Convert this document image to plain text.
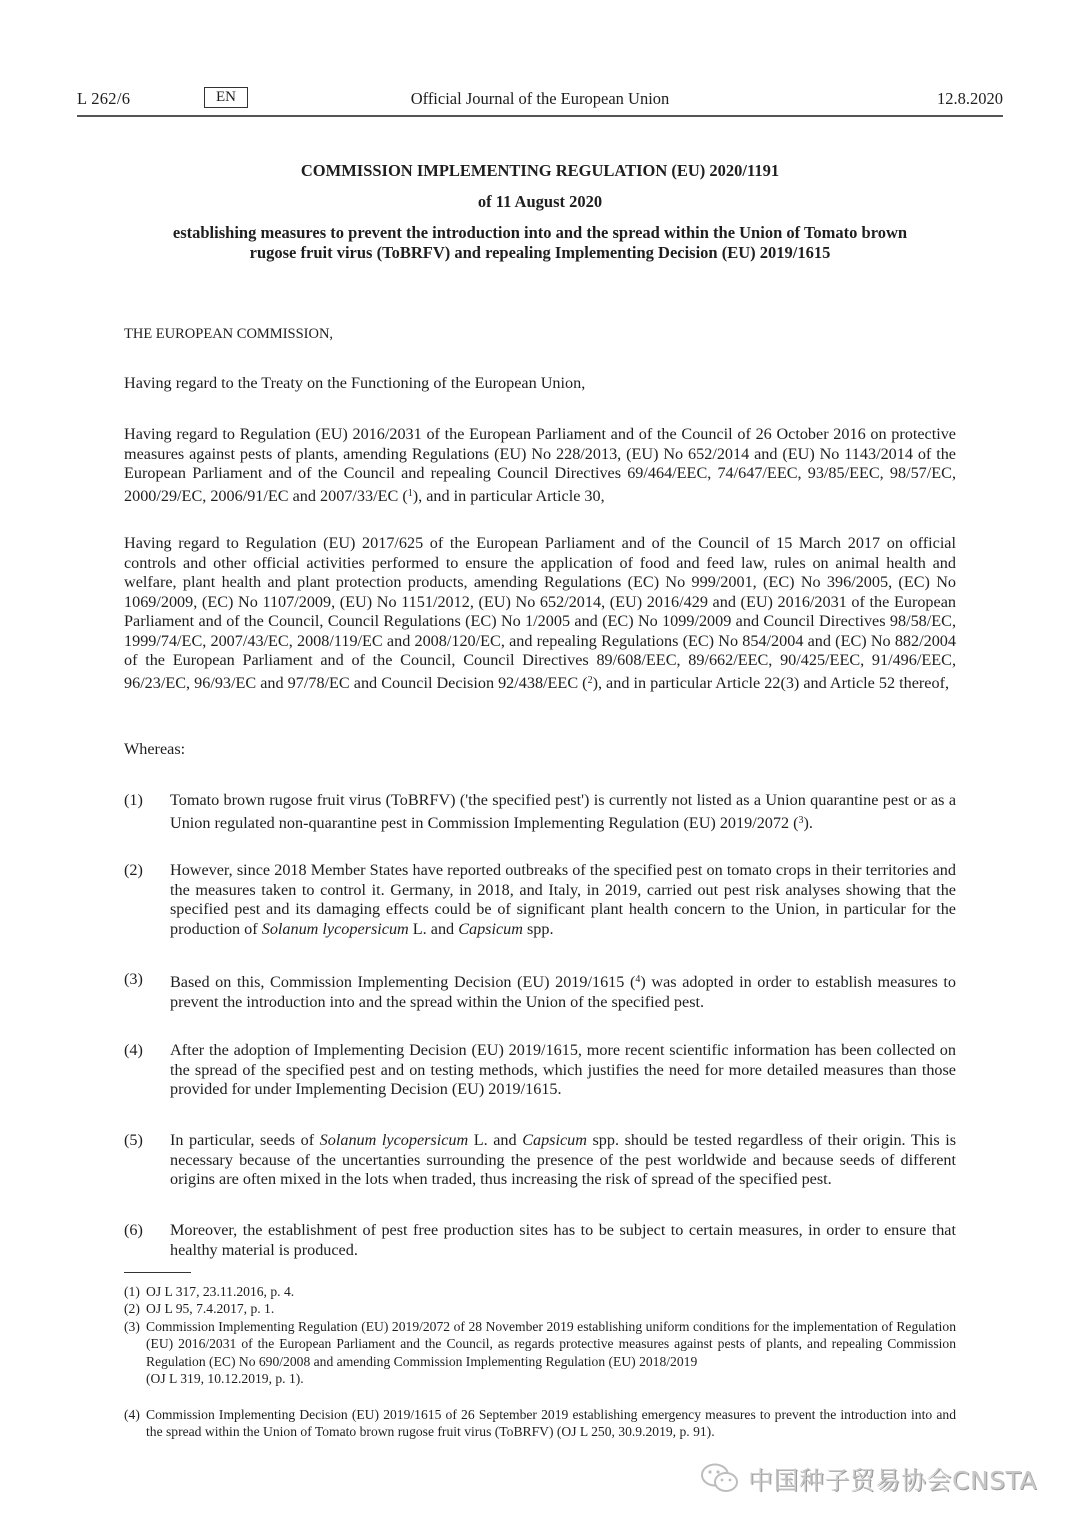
L 262/6	Official Journal of the European Union
EN	12.8.2020
COMMISSION IMPLEMENTING REGULATION (EU) 2020/1191
of 11 August 2020
establishing measures to prevent the introduction into and the spread within the Union of Tomato brown rugose fruit virus (ToBRFV) and repealing Implementing Decision (EU) 2019/1615
THE EUROPEAN COMMISSION,
Having regard to the Treaty on the Functioning of the European Union,
Having regard to Regulation (EU) 2016/2031 of the European Parliament and of the Council of 26 October 2016 on protective measures against pests of plants, amending Regulations (EU) No 228/2013, (EU) No 652/2014 and (EU) No 1143/2014 of the European Parliament and of the Council and repealing Council Directives 69/464/EEC, 74/647/EEC, 93/85/EEC, 98/57/EC, 2000/29/EC, 2006/91/EC and 2007/33/EC ($^1$), and in particular Article 30,
Having regard to Regulation (EU) 2017/625 of the European Parliament and of the Council of 15 March 2017 on official controls and other official activities performed to ensure the application of food and feed law, rules on animal health and welfare, plant health and plant protection products, amending Regulations (EC) No 999/2001, (EC) No 396/2005, (EC) No 1069/2009, (EC) No 1107/2009, (EU) No 1151/2012, (EU) No 652/2014, (EU) 2016/429 and (EU) 2016/2031 of the European Parliament and of the Council, Council Regulations (EC) No 1/2005 and (EC) No 1099/2009 and Council Directives 98/58/EC, 1999/74/EC, 2007/43/EC, 2008/119/EC and 2008/120/EC, and repealing Regulations (EC) No 854/2004 and (EC) No 882/2004 of the European Parliament and of the Council, Council Directives 89/608/EEC, 89/662/EEC, 90/425/EEC, 91/496/EEC, 96/23/EC, 96/93/EC and 97/78/EC and Council Decision 92/438/EEC ($^2$), and in particular Article 22(3) and Article 52 thereof,
Whereas:
(1) Tomato brown rugose fruit virus (ToBRFV) ('the specified pest') is currently not listed as a Union quarantine pest or as a Union regulated non-quarantine pest in Commission Implementing Regulation (EU) 2019/2072 ($^3$).
(2) However, since 2018 Member States have reported outbreaks of the specified pest on tomato crops in their territories and the measures taken to control it. Germany, in 2018, and Italy, in 2019, carried out pest risk analyses showing that the specified pest and its damaging effects could be of significant plant health concern to the Union, in particular for the production of Solanum lycopersicum L. and Capsicum spp.
(3) Based on this, Commission Implementing Decision (EU) 2019/1615 ($^4$) was adopted in order to establish measures to prevent the introduction into and the spread within the Union of the specified pest.
(4) After the adoption of Implementing Decision (EU) 2019/1615, more recent scientific information has been collected on the spread of the specified pest and on testing methods, which justifies the need for more detailed measures than those provided for under Implementing Decision (EU) 2019/1615.
(5) In particular, seeds of Solanum lycopersicum L. and Capsicum spp. should be tested regardless of their origin. This is necessary because of the uncertanties surrounding the presence of the pest worldwide and because seeds of different origins are often mixed in the lots when traded, thus increasing the risk of spread of the specified pest.
(6) Moreover, the establishment of pest free production sites has to be subject to certain measures, in order to ensure that healthy material is produced.
(1) OJ L 317, 23.11.2016, p. 4.
(2) OJ L 95, 7.4.2017, p. 1.
(3) Commission Implementing Regulation (EU) 2019/2072 of 28 November 2019 establishing uniform conditions for the implementation of Regulation (EU) 2016/2031 of the European Parliament and the Council, as regards protective measures against pests of plants, and repealing Commission Regulation (EC) No 690/2008 and amending Commission Implementing Regulation (EU) 2018/2019
(OJ L 319, 10.12.2019, p. 1).
(4) Commission Implementing Decision (EU) 2019/1615 of 26 September 2019 establishing emergency measures to prevent the introduction into and the spread within the Union of Tomato brown rugose fruit virus (ToBRFV) (OJ L 250, 30.9.2019, p. 91).
中国种子贸易协会CNSTA
